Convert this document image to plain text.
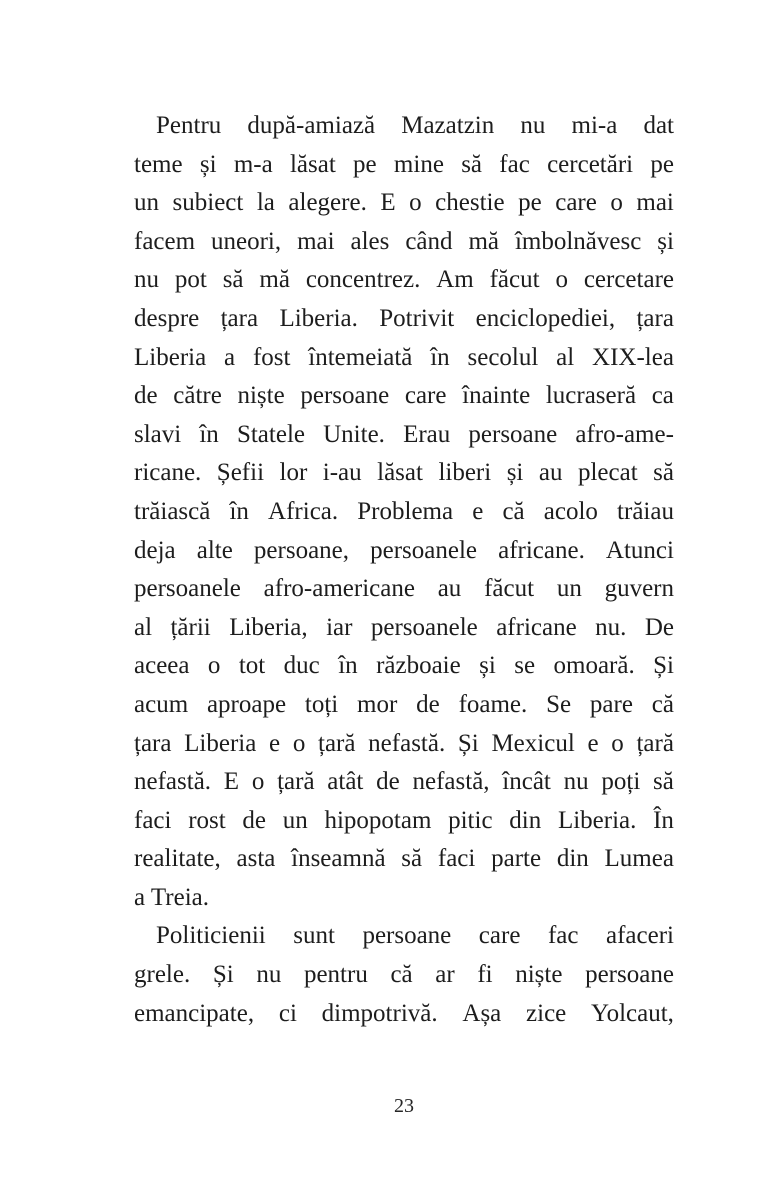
Pentru după-amiază Mazatzin nu mi-a dat
teme și m-a lăsat pe mine să fac cercetări pe
un subiect la alegere. E o chestie pe care o mai
facem uneori, mai ales când mă îmbolnăvesc și
nu pot să mă concentrez. Am făcut o cercetare
despre țara Liberia. Potrivit enciclopediei, țara
Liberia a fost întemeiată în secolul al XIX-lea
de către niște persoane care înainte lucraseră ca
slavi în Statele Unite. Erau persoane afro-ame-
ricane. Șefii lor i-au lăsat liberi și au plecat să
trăiască în Africa. Problema e că acolo trăiau
deja alte persoane, persoanele africane. Atunci
persoanele afro-americane au făcut un guvern
al țării Liberia, iar persoanele africane nu. De
aceea o tot duc în războaie și se omoară. Și
acum aproape toți mor de foame. Se pare că
țara Liberia e o țară nefastă. Și Mexicul e o țară
nefastă. E o țară atât de nefastă, încât nu poți să
faci rost de un hipopotam pitic din Liberia. În
realitate, asta înseamnă să faci parte din Lumea
a Treia.
Politicienii sunt persoane care fac afaceri
grele. Și nu pentru că ar fi niște persoane
emancipate, ci dimpotrivă. Așa zice Yolcaut,
23
